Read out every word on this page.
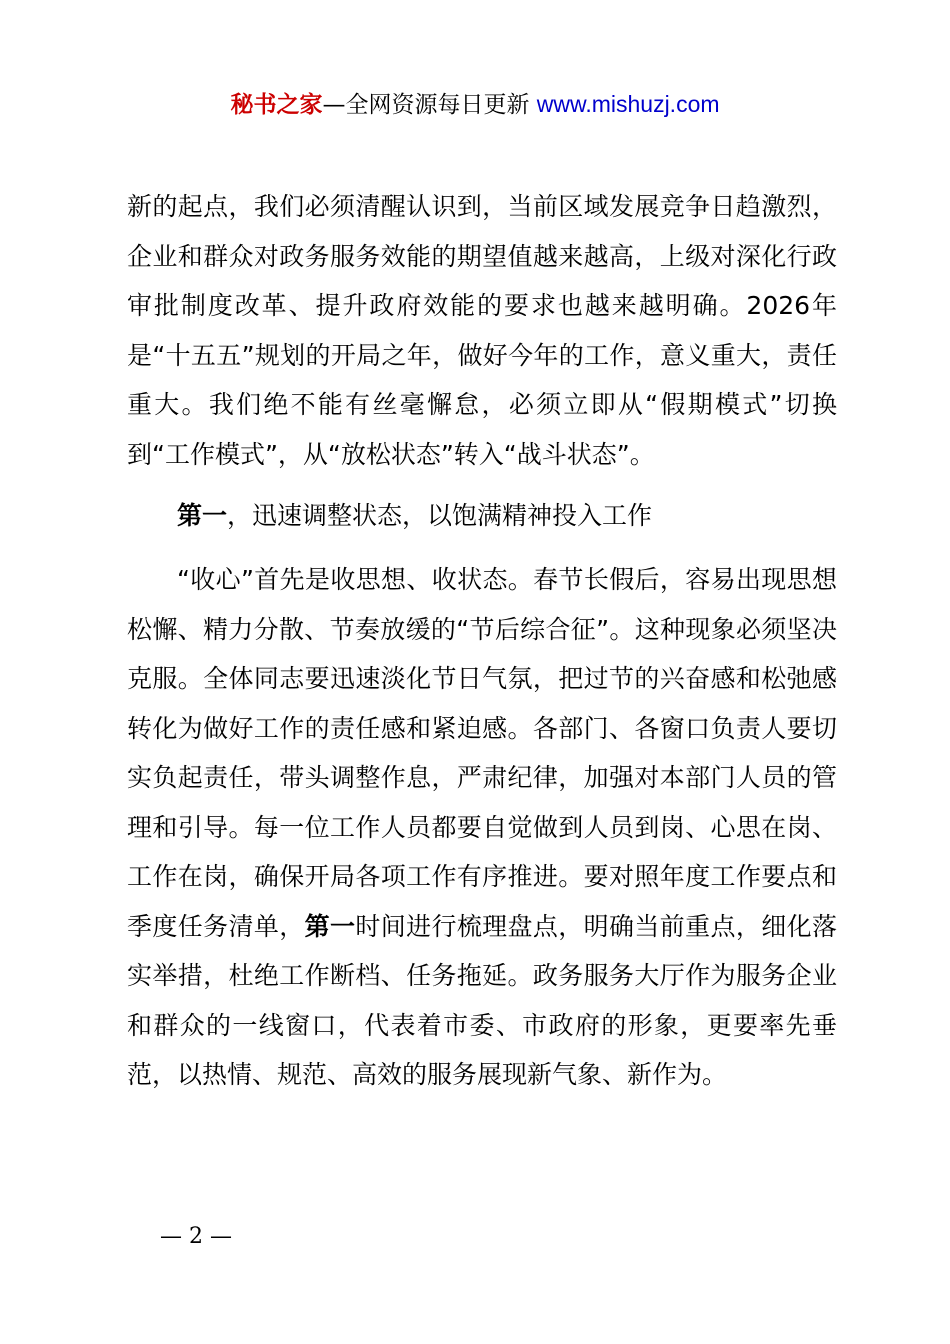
秘书之家—全网资源每日更新 www.mishuzj.com

新的起点，我们必须清醒认识到，当前区域发展竞争日趋激烈，企业和群众对政务服务效能的期望值越来越高，上级对深化行政审批制度改革、提升政府效能的要求也越来越明确。2026年是“十五五”规划的开局之年，做好今年的工作，意义重大，责任重大。我们绝不能有丝毫懈怠，必须立即从“假期模式”切换到“工作模式”，从“放松状态”转入“战斗状态”。

第一，迅速调整状态，以饱满精神投入工作

“收心”首先是收思想、收状态。春节长假后，容易出现思想松懈、精力分散、节奏放缓的“节后综合征”。这种现象必须坚决克服。全体同志要迅速淡化节日气氛，把过节的兴奋感和松弛感转化为做好工作的责任感和紧迫感。各部门、各窗口负责人要切实负起责任，带头调整作息，严肃纪律，加强对本部门人员的管理和引导。每一位工作人员都要自觉做到人员到岗、心思在岗、工作在岗，确保开局各项工作有序推进。要对照年度工作要点和季度任务清单，第一时间进行梳理盘点，明确当前重点，细化落实举措，杜绝工作断档、任务拖延。政务服务大厅作为服务企业和群众的一线窗口，代表着市委、市政府的形象，更要率先垂范，以热情、规范、高效的服务展现新气象、新作为。

— 2 —
